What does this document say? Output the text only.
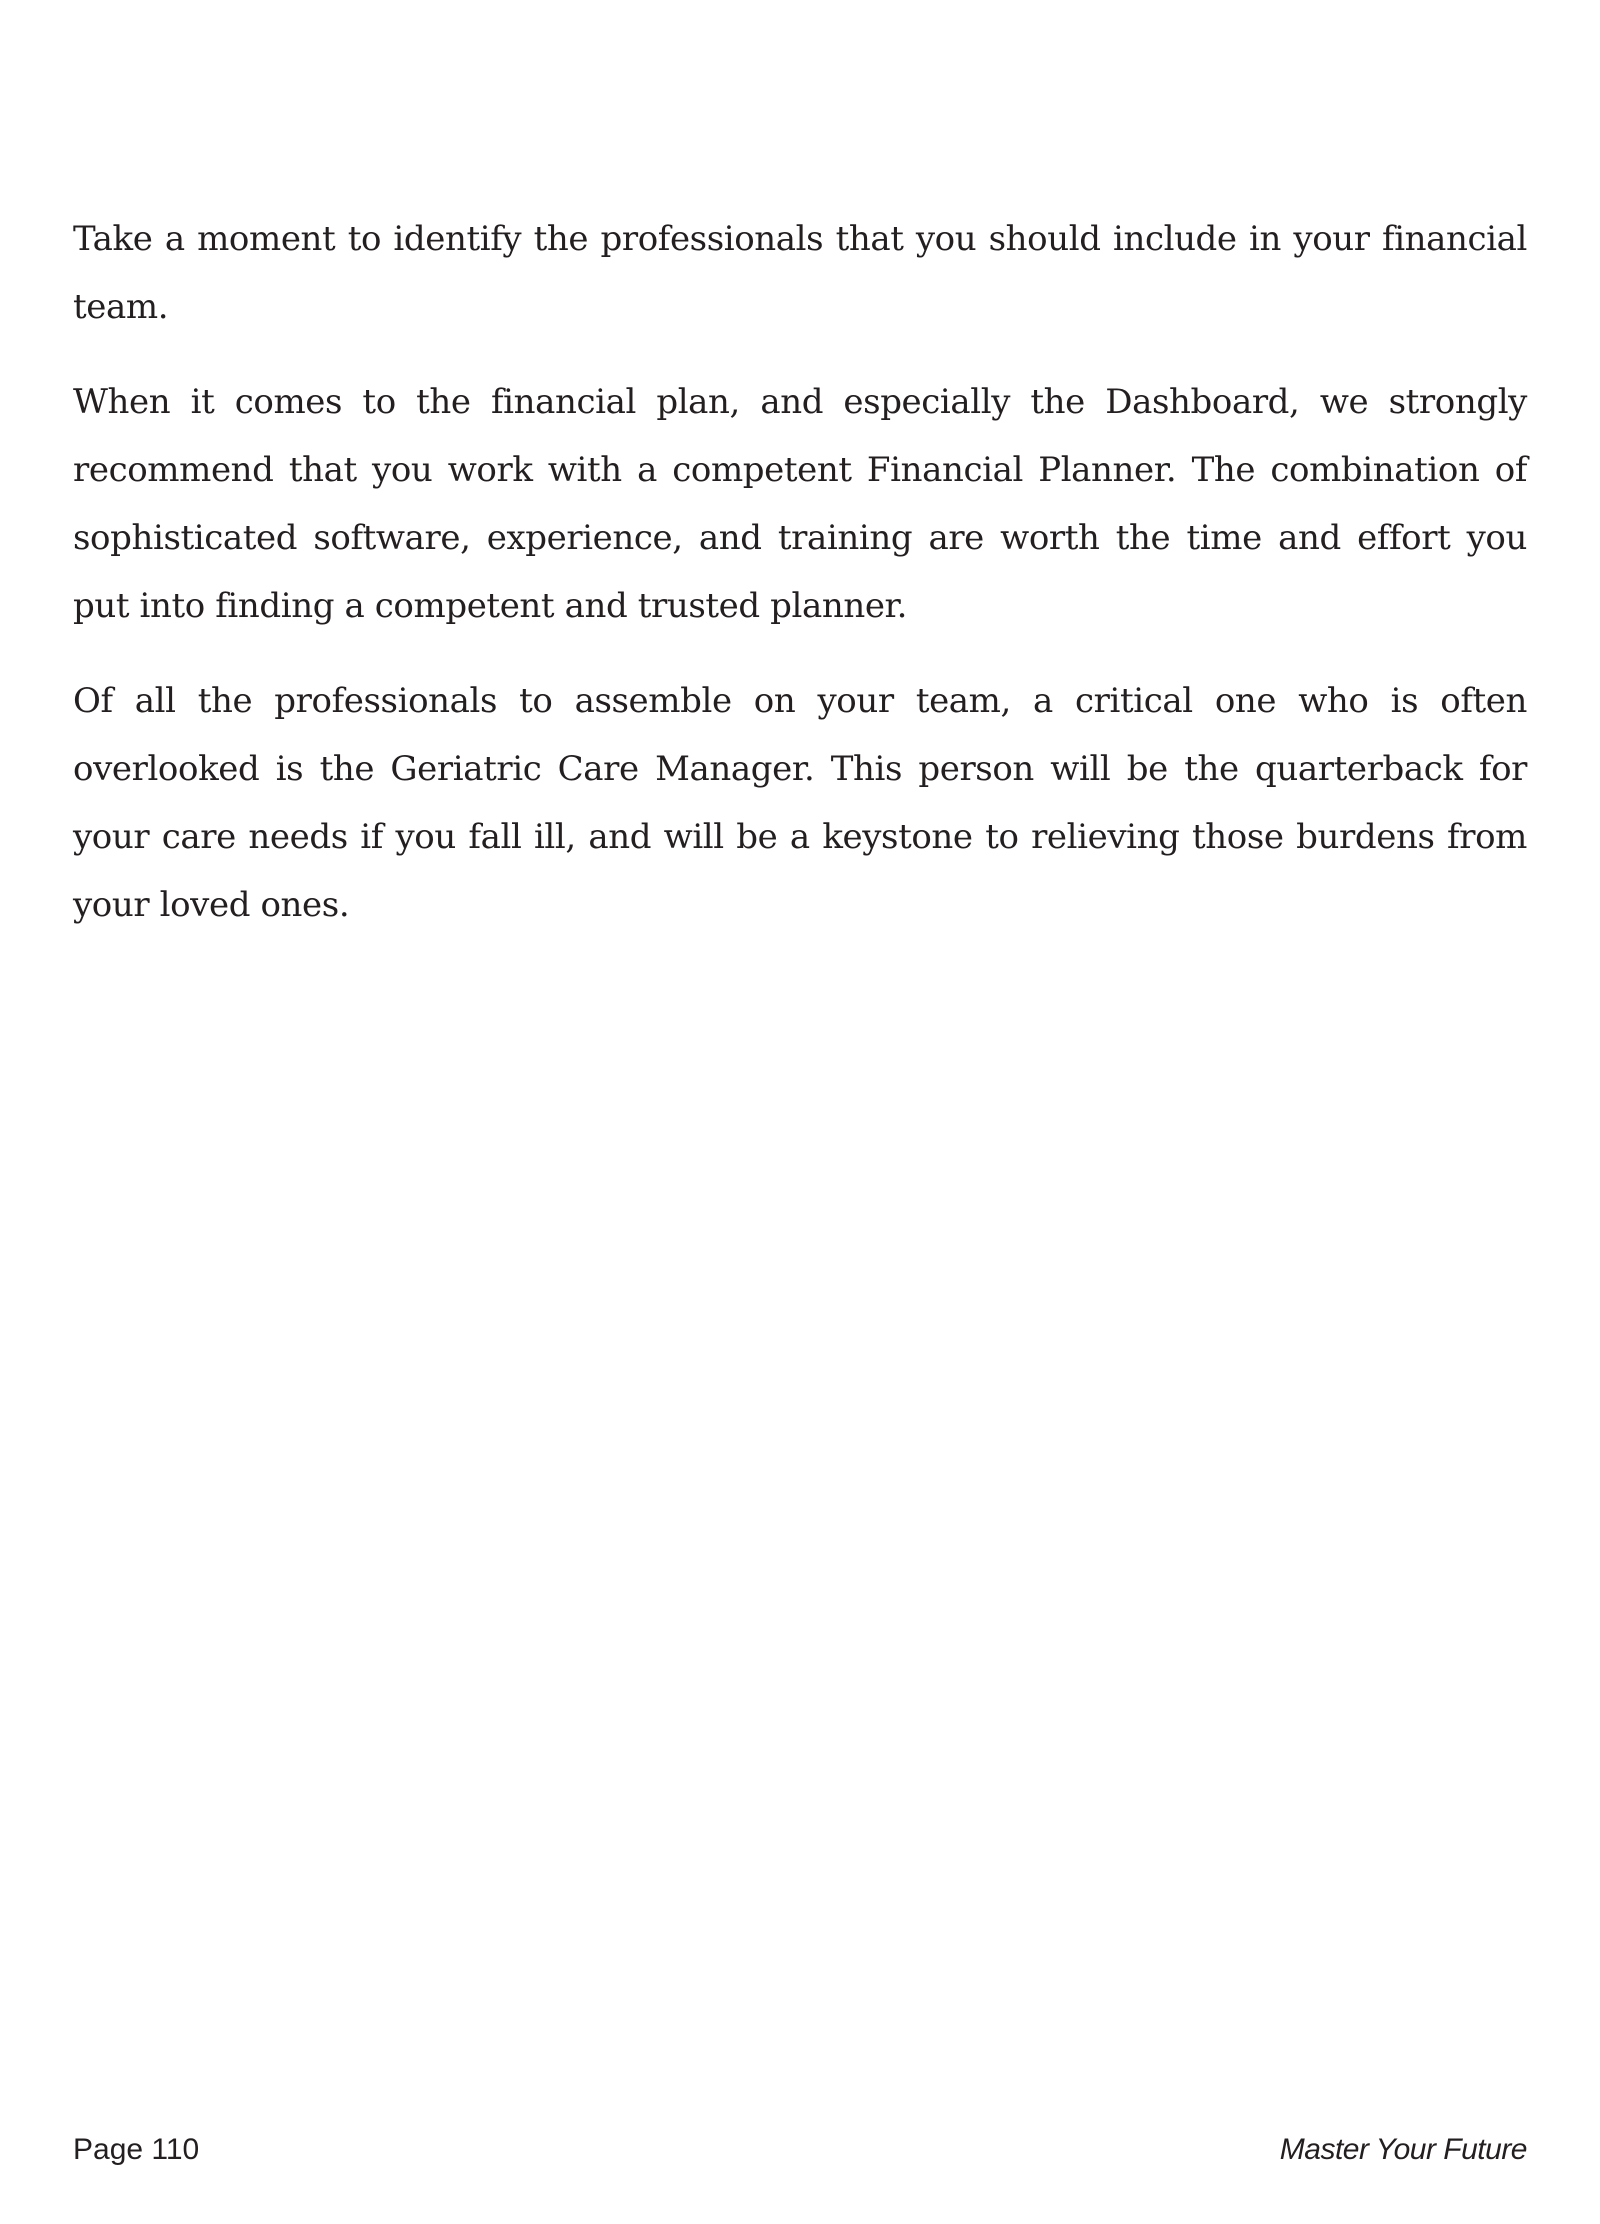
Take a moment to identify the professionals that you should include in your financial team.

When it comes to the financial plan, and especially the Dashboard, we strongly recommend that you work with a competent Financial Planner. The combination of sophisticated software, experience, and training are worth the time and effort you put into finding a competent and trusted planner.

Of all the professionals to assemble on your team, a critical one who is often overlooked is the Geriatric Care Manager. This person will be the quarterback for your care needs if you fall ill, and will be a keystone to relieving those burdens from your loved ones.

Page 110	Master Your Future
